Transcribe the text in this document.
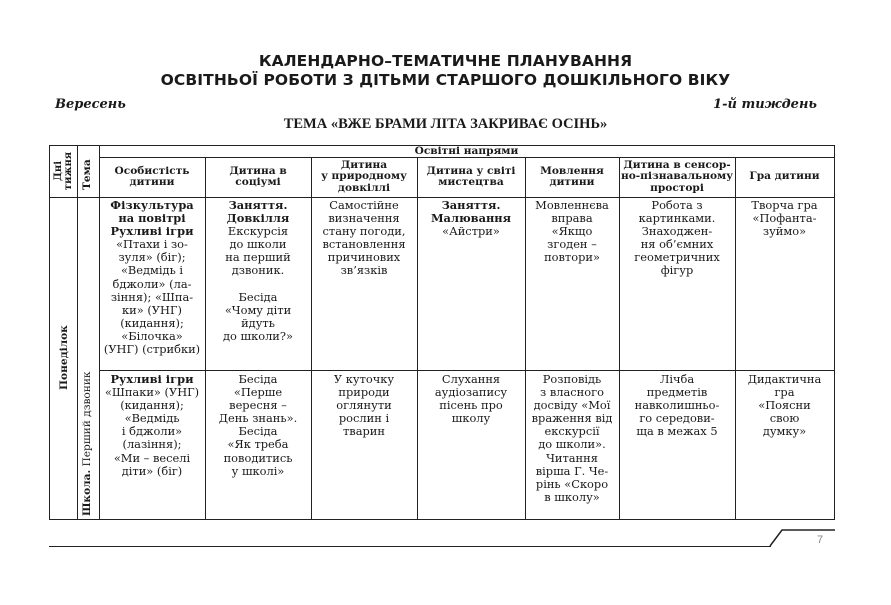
КАЛЕНДАРНО–ТЕМАТИЧНЕ ПЛАНУВАННЯ
ОСВІТНЬОЇ РОБОТИ З ДІТЬМИ СТАРШОГО ДОШКІЛЬНОГО ВІКУ
Вересень	1-й тиждень
ТЕМА «ВЖЕ БРАМИ ЛІТА ЗАКРИВАЄ ОСІНЬ»
Дні тижня Тема
Освітні напрями
Особистість
дитини
Дитина в
соціумі
Дитина
у природному
довкіллі
Дитина у світі
мистецтва
Мовлення
дитини
Дитина в сенсор-
но-пізнавальному
просторі
Гра дитини
Понеділок
Школа. Перший дзвоник
Фізкультура
на повітрі
Рухливі ігри
«Птахи і зо-
зуля» (біг);
«Ведмідь і
бджоли» (ла-
зіння); «Шпа-
ки» (УНГ)
(кидання);
«Білочка»
(УНГ) (стрибки)
Заняття.
Довкілля
Екскурсія
до школи
на перший
дзвоник.

Бесіда
«Чому діти
йдуть
до школи?»
Самостійне
визначення
стану погоди,
встановлення
причинових
зв’язків
Заняття.
Малювання
«Айстри»
Мовленнєва
вправа
«Якщо
згоден –
повтори»
Робота з
картинками.
Знаходжен-
ня об’ємних
геометричних
фігур
Творча гра
«Пофанта-
зуймо»
Рухливі ігри
«Шпаки» (УНГ)
(кидання);
«Ведмідь
і бджоли»
(лазіння);
«Ми – веселі
діти» (біг)
Бесіда
«Перше
вересня –
День знань».
Бесіда
«Як треба
поводитись
у школі»
У куточку
природи
оглянути
рослин і
тварин
Слухання
аудіозапису
пісень про
школу
Розповідь
з власного
досвіду «Мої
враження від
екскурсії
до школи».
Читання
вірша Г. Че-
рінь «Скоро
в школу»
Лічба
предметів
навколишньо-
го середови-
ща в межах 5
Дидактична
гра
«Поясни
свою
думку»
7
